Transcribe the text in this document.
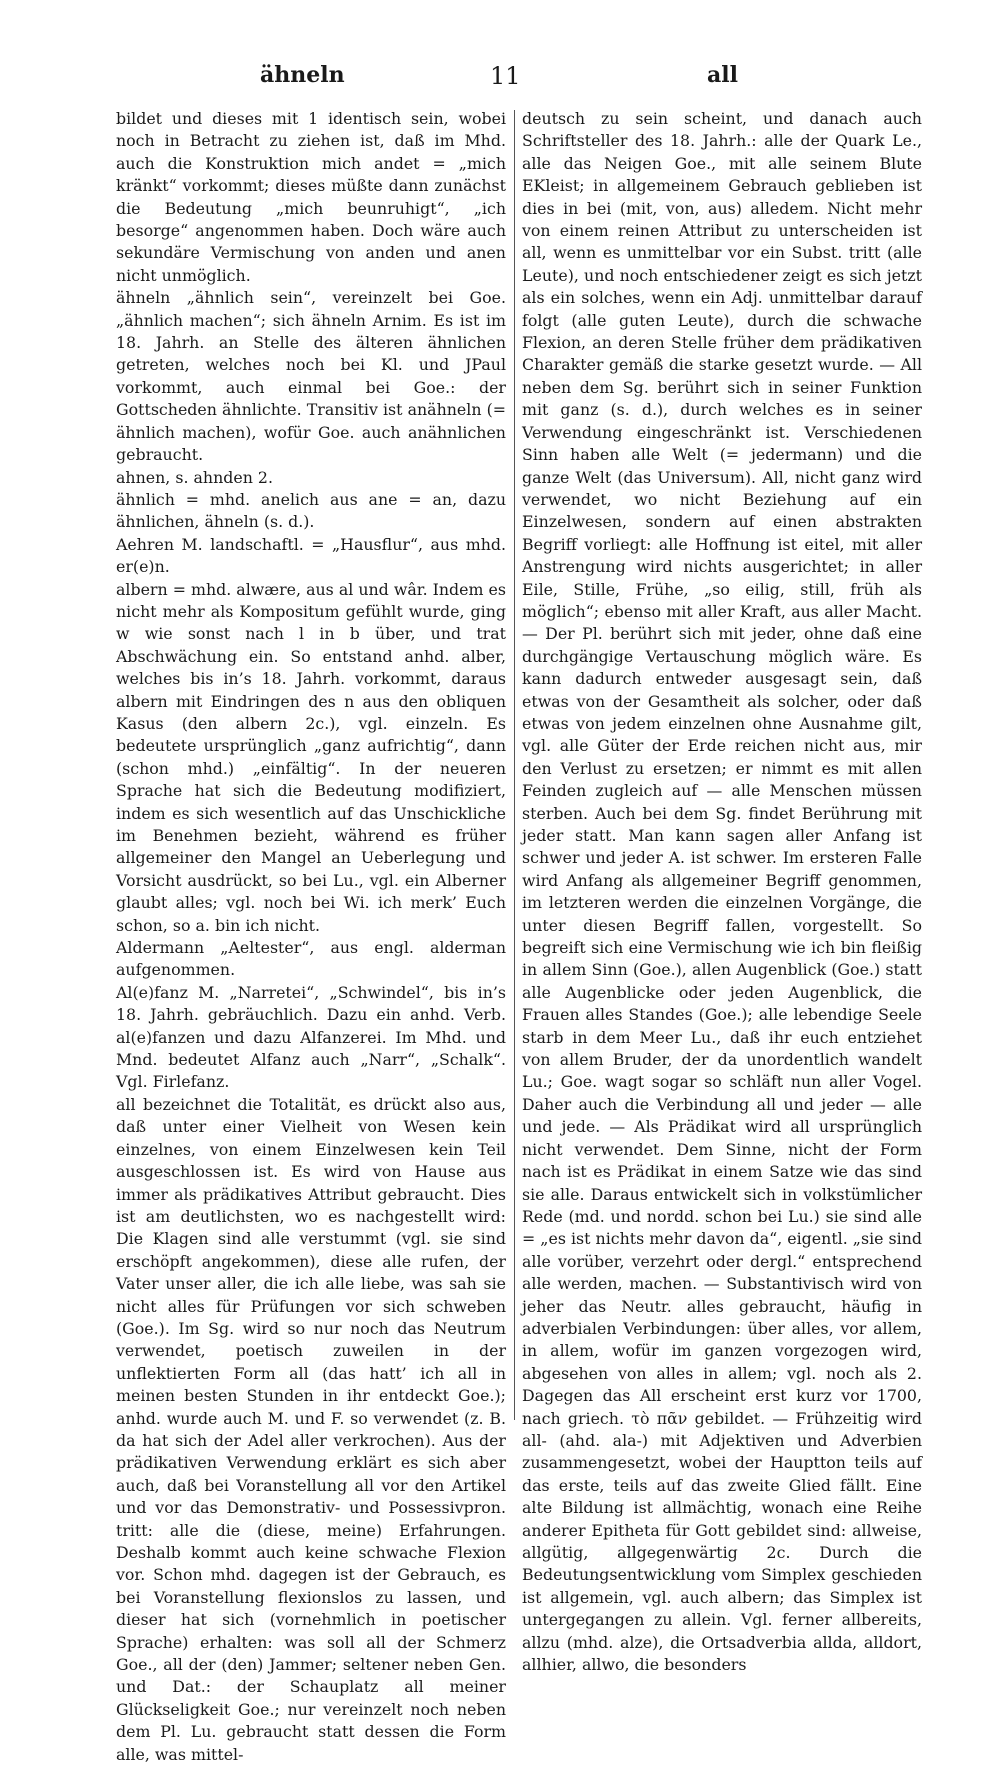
ähneln	11	all

bildet und dieses mit 1 identisch sein, wobei noch in Betracht zu ziehen ist, daß im Mhd. auch die Konstruktion mich andet = „mich kränkt“ vorkommt; dieses müßte dann zunächst die Bedeutung „mich beunruhigt“, „ich besorge“ angenommen haben. Doch wäre auch sekundäre Vermischung von anden und anen nicht unmöglich.

ähneln „ähnlich sein“, vereinzelt bei Goe. „ähnlich machen“; sich ähneln Arnim. Es ist im 18. Jahrh. an Stelle des älteren ähnlichen getreten, welches noch bei Kl. und JPaul vorkommt, auch einmal bei Goe.: der Gottscheden ähnlichte. Transitiv ist anähneln (= ähnlich machen), wofür Goe. auch anähnlichen gebraucht.

ahnen, s. ahnden 2.

ähnlich = mhd. anelich aus ane = an, dazu ähnlichen, ähneln (s. d.).

Aehren M. landschaftl. = „Hausflur“, aus mhd. er(e)n.

albern = mhd. alwære, aus al und wâr. Indem es nicht mehr als Kompositum gefühlt wurde, ging w wie sonst nach l in b über, und trat Abschwächung ein. So entstand anhd. alber, welches bis in’s 18. Jahrh. vorkommt, daraus albern mit Eindringen des n aus den obliquen Kasus (den albern 2c.), vgl. einzeln. Es bedeutete ursprünglich „ganz aufrichtig“, dann (schon mhd.) „einfältig“. In der neueren Sprache hat sich die Bedeutung modifiziert, indem es sich wesentlich auf das Unschickliche im Benehmen bezieht, während es früher allgemeiner den Mangel an Ueberlegung und Vorsicht ausdrückt, so bei Lu., vgl. ein Alberner glaubt alles; vgl. noch bei Wi. ich merk’ Euch schon, so a. bin ich nicht.

Aldermann „Aeltester“, aus engl. alderman aufgenommen.

Al(e)fanz M. „Narretei“, „Schwindel“, bis in’s 18. Jahrh. gebräuchlich. Dazu ein anhd. Verb. al(e)fanzen und dazu Alfanzerei. Im Mhd. und Mnd. bedeutet Alfanz auch „Narr“, „Schalk“. Vgl. Firlefanz.

all bezeichnet die Totalität, es drückt also aus, daß unter einer Vielheit von Wesen kein einzelnes, von einem Einzelwesen kein Teil ausgeschlossen ist. Es wird von Hause aus immer als prädikatives Attribut gebraucht. Dies ist am deutlichsten, wo es nachgestellt wird: Die Klagen sind alle verstummt (vgl. sie sind erschöpft angekommen), diese alle rufen, der Vater unser aller, die ich alle liebe, was sah sie nicht alles für Prüfungen vor sich schweben (Goe.). Im Sg. wird so nur noch das Neutrum verwendet, poetisch zuweilen in der unflektierten Form all (das hatt’ ich all in meinen besten Stunden in ihr entdeckt Goe.); anhd. wurde auch M. und F. so verwendet (z. B. da hat sich der Adel aller verkrochen). Aus der prädikativen Verwendung erklärt es sich aber auch, daß bei Voranstellung all vor den Artikel und vor das Demonstrativ- und Possessivpron. tritt: alle die (diese, meine) Erfahrungen. Deshalb kommt auch keine schwache Flexion vor. Schon mhd. dagegen ist der Gebrauch, es bei Voranstellung flexionslos zu lassen, und dieser hat sich (vornehmlich in poetischer Sprache) erhalten: was soll all der Schmerz Goe., all der (den) Jammer; seltener neben Gen. und Dat.: der Schauplatz all meiner Glückseligkeit Goe.; nur vereinzelt noch neben dem Pl. Lu. gebraucht statt dessen die Form alle, was mittel-

deutsch zu sein scheint, und danach auch Schriftsteller des 18. Jahrh.: alle der Quark Le., alle das Neigen Goe., mit alle seinem Blute EKleist; in allgemeinem Gebrauch geblieben ist dies in bei (mit, von, aus) alledem. Nicht mehr von einem reinen Attribut zu unterscheiden ist all, wenn es unmittelbar vor ein Subst. tritt (alle Leute), und noch entschiedener zeigt es sich jetzt als ein solches, wenn ein Adj. unmittelbar darauf folgt (alle guten Leute), durch die schwache Flexion, an deren Stelle früher dem prädikativen Charakter gemäß die starke gesetzt wurde. — All neben dem Sg. berührt sich in seiner Funktion mit ganz (s. d.), durch welches es in seiner Verwendung eingeschränkt ist. Verschiedenen Sinn haben alle Welt (= jedermann) und die ganze Welt (das Universum). All, nicht ganz wird verwendet, wo nicht Beziehung auf ein Einzelwesen, sondern auf einen abstrakten Begriff vorliegt: alle Hoffnung ist eitel, mit aller Anstrengung wird nichts ausgerichtet; in aller Eile, Stille, Frühe, „so eilig, still, früh als möglich“; ebenso mit aller Kraft, aus aller Macht. — Der Pl. berührt sich mit jeder, ohne daß eine durchgängige Vertauschung möglich wäre. Es kann dadurch entweder ausgesagt sein, daß etwas von der Gesamtheit als solcher, oder daß etwas von jedem einzelnen ohne Ausnahme gilt, vgl. alle Güter der Erde reichen nicht aus, mir den Verlust zu ersetzen; er nimmt es mit allen Feinden zugleich auf — alle Menschen müssen sterben. Auch bei dem Sg. findet Berührung mit jeder statt. Man kann sagen aller Anfang ist schwer und jeder A. ist schwer. Im ersteren Falle wird Anfang als allgemeiner Begriff genommen, im letzteren werden die einzelnen Vorgänge, die unter diesen Begriff fallen, vorgestellt. So begreift sich eine Vermischung wie ich bin fleißig in allem Sinn (Goe.), allen Augenblick (Goe.) statt alle Augenblicke oder jeden Augenblick, die Frauen alles Standes (Goe.); alle lebendige Seele starb in dem Meer Lu., daß ihr euch entziehet von allem Bruder, der da unordentlich wandelt Lu.; Goe. wagt sogar so schläft nun aller Vogel. Daher auch die Verbindung all und jeder — alle und jede. — Als Prädikat wird all ursprünglich nicht verwendet. Dem Sinne, nicht der Form nach ist es Prädikat in einem Satze wie das sind sie alle. Daraus entwickelt sich in volkstümlicher Rede (md. und nordd. schon bei Lu.) sie sind alle = „es ist nichts mehr davon da“, eigentl. „sie sind alle vorüber, verzehrt oder dergl.“ entsprechend alle werden, machen. — Substantivisch wird von jeher das Neutr. alles gebraucht, häufig in adverbialen Verbindungen: über alles, vor allem, in allem, wofür im ganzen vorgezogen wird, abgesehen von alles in allem; vgl. noch als 2. Dagegen das All erscheint erst kurz vor 1700, nach griech. τὸ πᾶν gebildet. — Frühzeitig wird all- (ahd. ala-) mit Adjektiven und Adverbien zusammengesetzt, wobei der Hauptton teils auf das erste, teils auf das zweite Glied fällt. Eine alte Bildung ist allmächtig, wonach eine Reihe anderer Epitheta für Gott gebildet sind: allweise, allgütig, allgegenwärtig 2c. Durch die Bedeutungsentwicklung vom Simplex geschieden ist allgemein, vgl. auch albern; das Simplex ist untergegangen zu allein. Vgl. ferner allbereits, allzu (mhd. alze), die Ortsadverbia allda, alldort, allhier, allwo, die besonders
